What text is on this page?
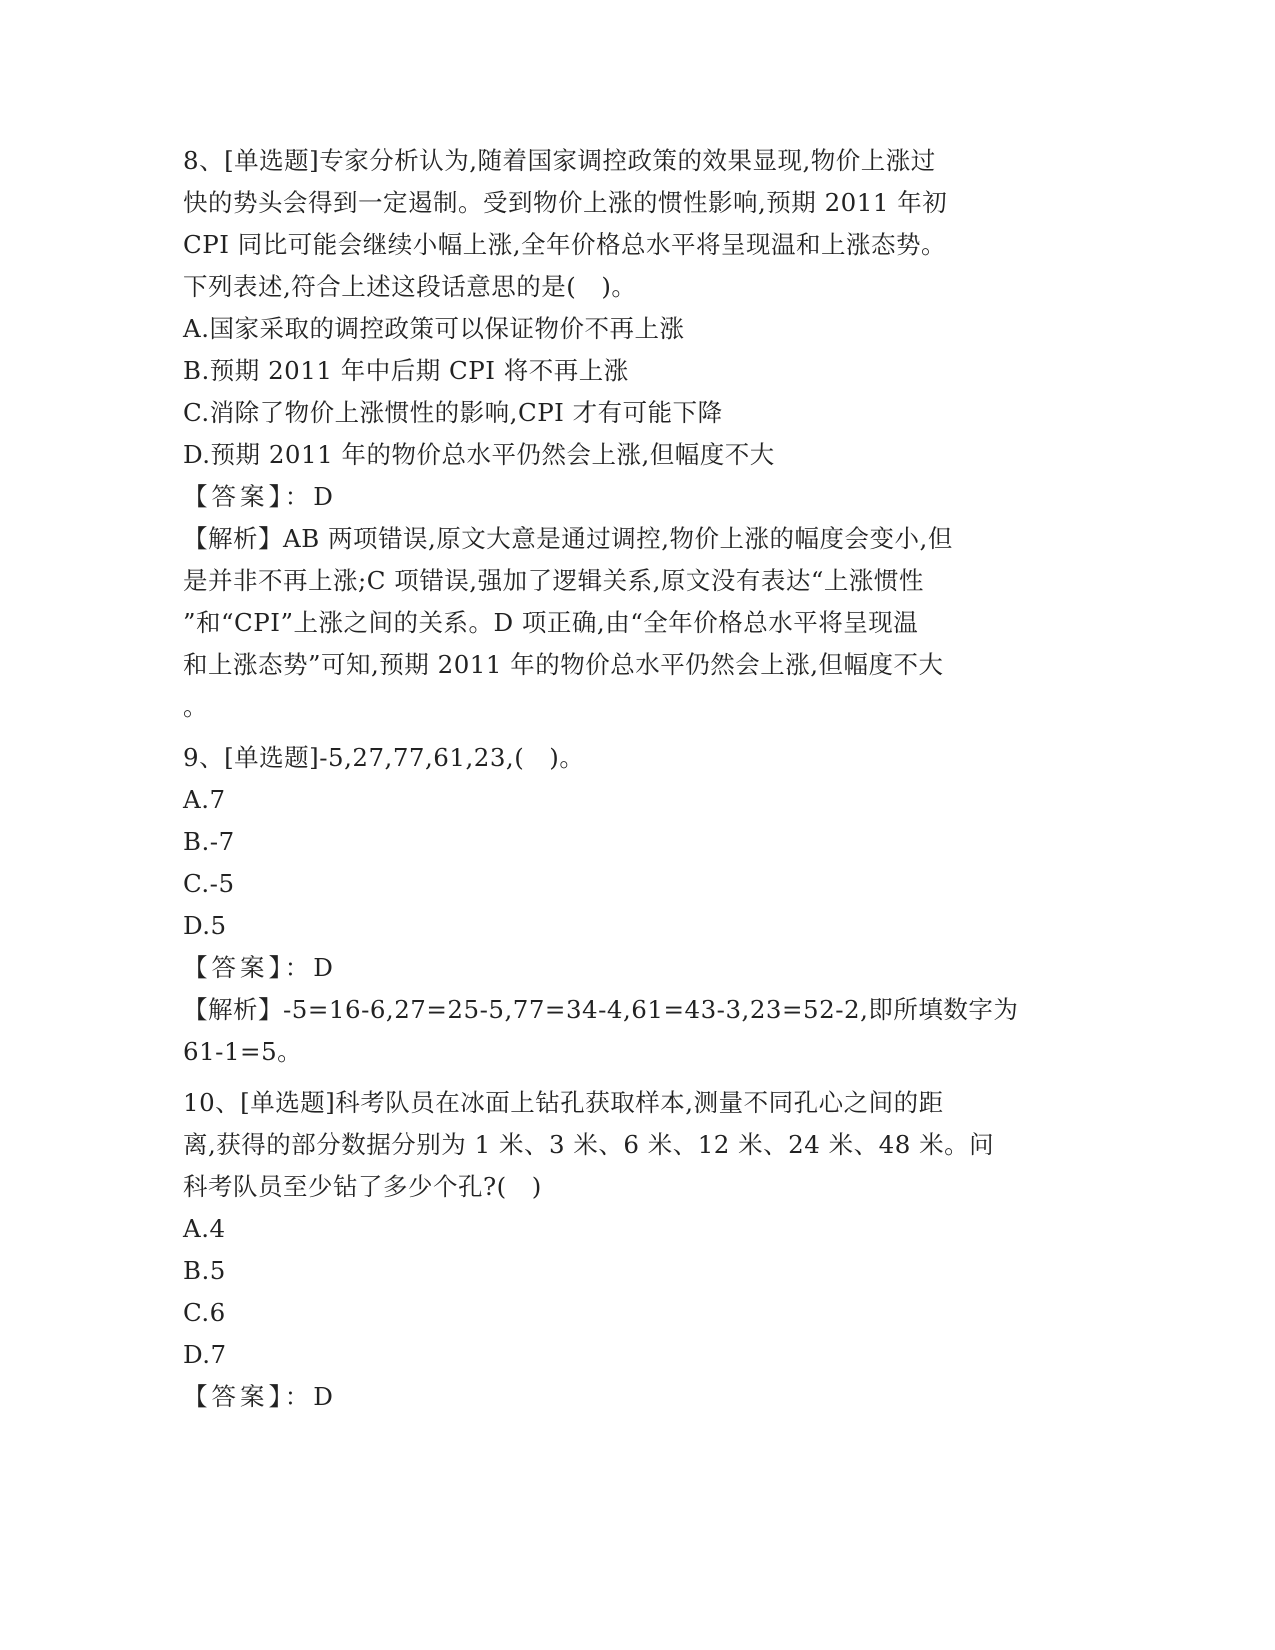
8、[单选题]专家分析认为,随着国家调控政策的效果显现,物价上涨过
快的势头会得到一定遏制。受到物价上涨的惯性影响,预期 2011 年初
CPI 同比可能会继续小幅上涨,全年价格总水平将呈现温和上涨态势。
下列表述,符合上述这段话意思的是(　)。
A.国家采取的调控政策可以保证物价不再上涨
B.预期 2011 年中后期 CPI 将不再上涨
C.消除了物价上涨惯性的影响,CPI 才有可能下降
D.预期 2011 年的物价总水平仍然会上涨,但幅度不大
【答案】：D
【解析】AB 两项错误,原文大意是通过调控,物价上涨的幅度会变小,但
是并非不再上涨;C 项错误,强加了逻辑关系,原文没有表达“上涨惯性
”和“CPI”上涨之间的关系。D 项正确,由“全年价格总水平将呈现温
和上涨态势”可知,预期 2011 年的物价总水平仍然会上涨,但幅度不大
。
9、[单选题]-5,27,77,61,23,(　)。
A.7
B.-7
C.-5
D.5
【答案】：D
【解析】-5=16-6,27=25-5,77=34-4,61=43-3,23=52-2,即所填数字为
61-1=5。
10、[单选题]科考队员在冰面上钻孔获取样本,测量不同孔心之间的距
离,获得的部分数据分别为 1 米、3 米、6 米、12 米、24 米、48 米。问
科考队员至少钻了多少个孔?(　)
A.4
B.5
C.6
D.7
【答案】：D
